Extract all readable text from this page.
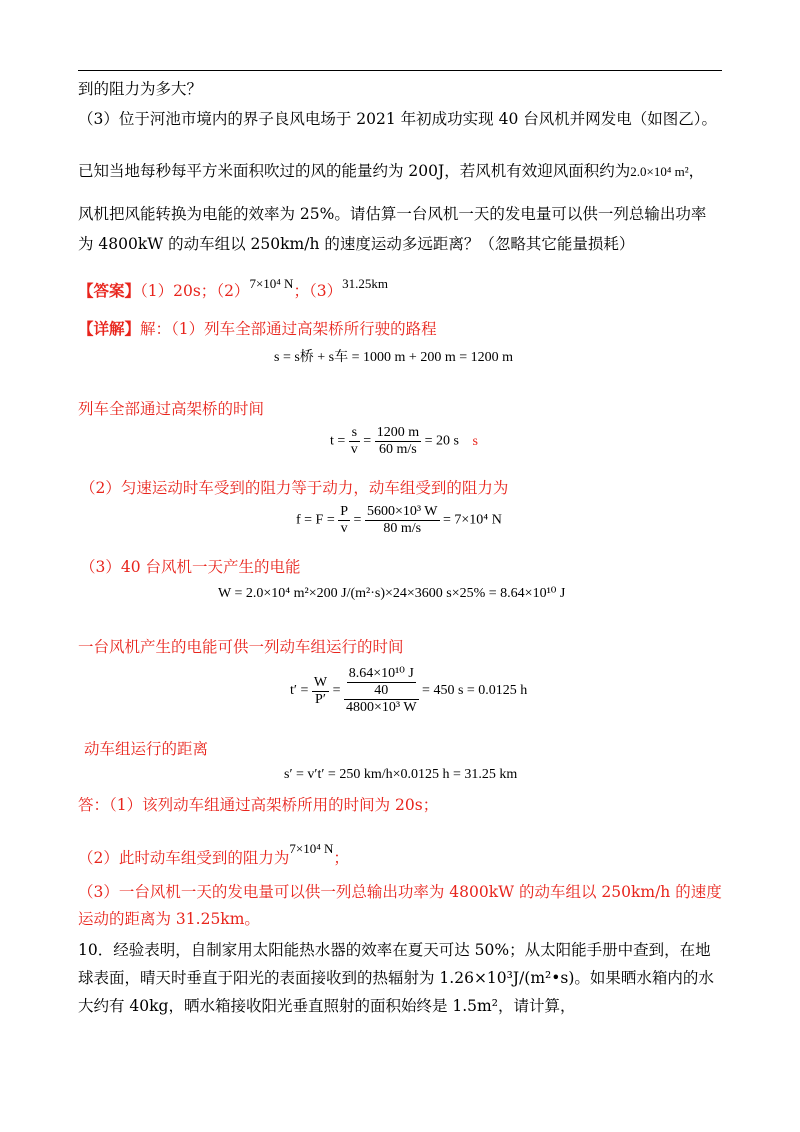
到的阻力为多大？
（3）位于河池市境内的界子良风电场于 2021 年初成功实现 40 台风机并网发电（如图乙）。
已知当地每秒每平方米面积吹过的风的能量约为 200J，若风机有效迎风面积约为2.0×10⁴ m²，
风机把风能转换为电能的效率为 25%。请估算一台风机一天的发电量可以供一列总输出功率
为 4800kW 的动车组以 250km/h 的速度运动多远距离？（忽略其它能量损耗）
【答案】（1）20s；$(2)^{7\times 10^4 N}$；$(3)^{31.25km}$
【详解】解：（1）列车全部通过高架桥所行驶的路程
s = s桥 + s车 = 1000 m + 200 m = 1200 m
列车全部通过高架桥的时间
$t = \frac{s}{v} = \frac{1200 m}{60 m/s} = 20$ s s
（2）匀速运动时车受到的阻力等于动力，动车组受到的阻力为
$f = F = \frac{P}{v} = \frac{\text{5600×10³ W}}{80 m/s} = 7\times 10^4$ N
（3）40 台风机一天产生的电能
W = 2.0×10⁴ m²×200 J/(m²·s)×24×3600 s×25% = 8.64×10¹⁰ J
一台风机产生的电能可供一列动车组运行的时间
$t' = \frac{W}{P'} = \frac{\frac{\text{8.64×10¹⁰ J}}{40}}{\text{4800×10³ W}} = 450$ s = 0.0125 h
动车组运行的距离
s′ = v′t′ = 250 km/h×0.0125 h = 31.25 km
答：（1）该列动车组通过高架桥所用的时间为 20s；
（2）此时动车组受到的阻力为$^{7\times 10^4 N}$；
（3）一台风机一天的发电量可以供一列总输出功率为 4800kW 的动车组以 250km/h 的速度
运动的距离为 31.25km。
10．经验表明，自制家用太阳能热水器的效率在夏天可达 50%；从太阳能手册中查到，在地
球表面，晴天时垂直于阳光的表面接收到的热辐射为 1.26×10³J/(m²•s)。如果晒水箱内的水
大约有 40kg，晒水箱接收阳光垂直照射的面积始终是 1.5m²，请计算，
